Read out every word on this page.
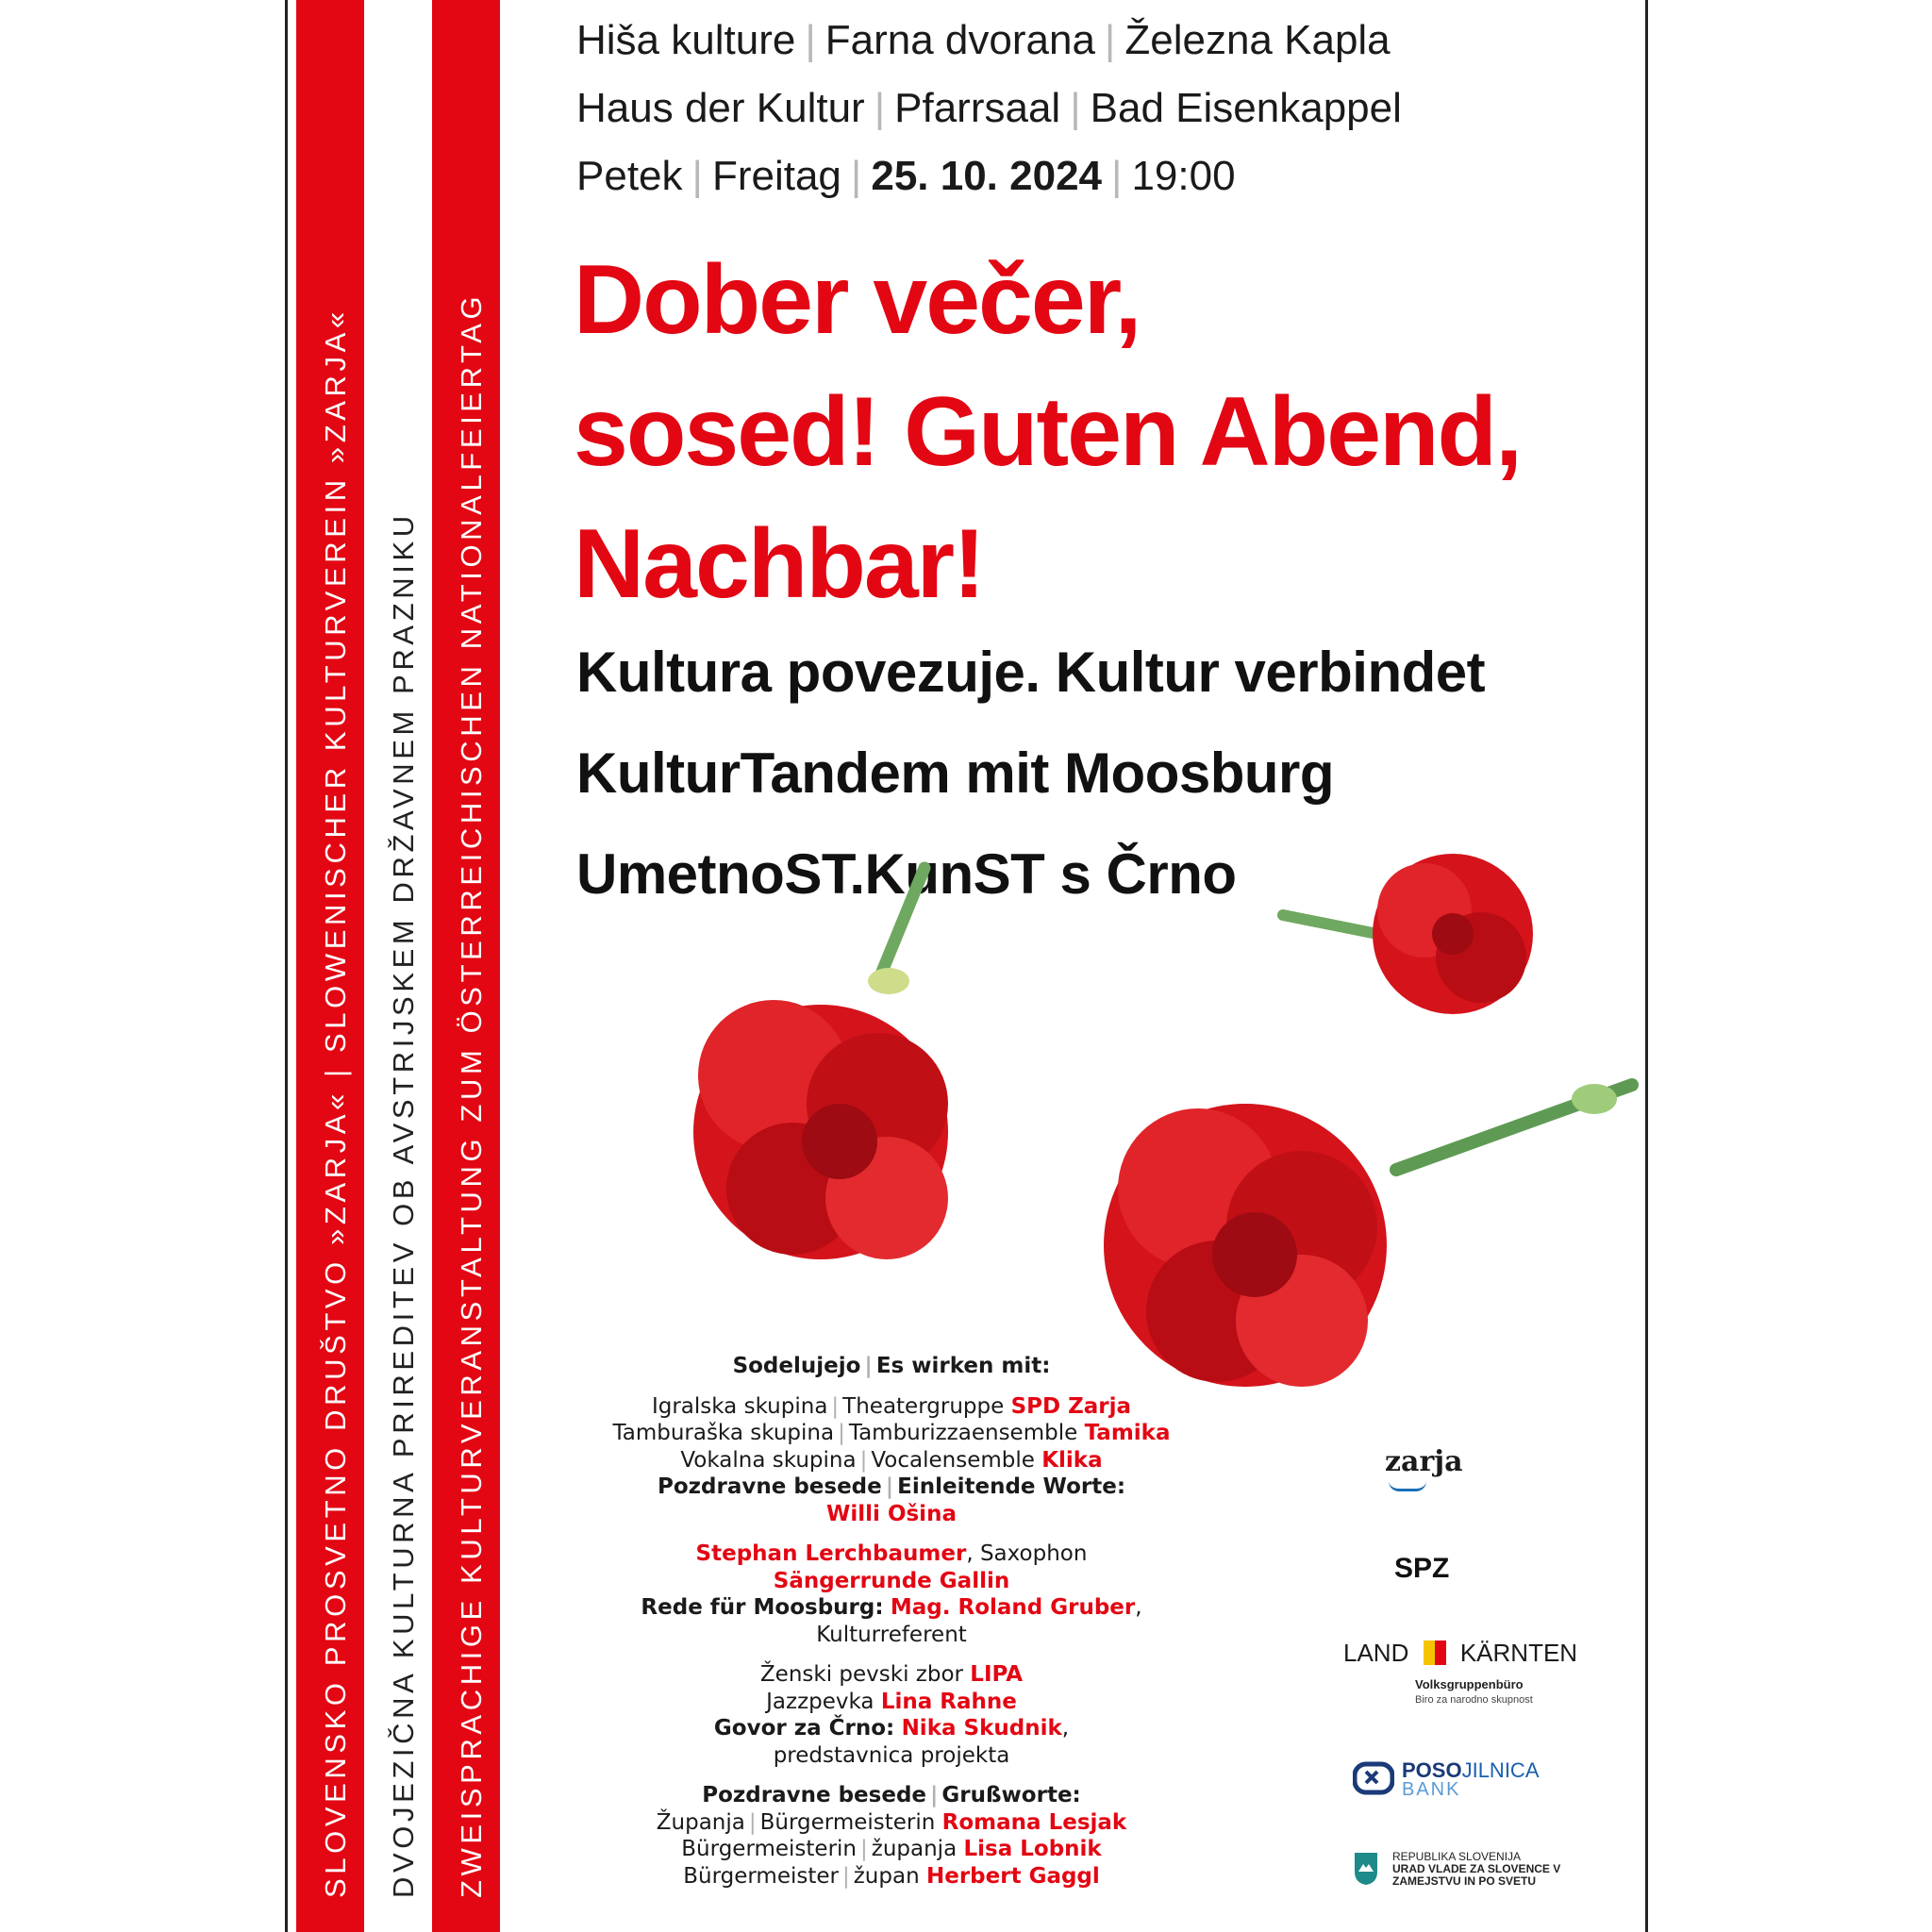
SLOVENSKO PROSVETNO DRUŠTVO »ZARJA« | SLOWENISCHER KULTURVEREIN »ZARJA« DVOJEZIČNA KULTURNA PRIREDITEV OB AVSTRIJSKEM DRŽAVNEM PRAZNIKU ZWEISPRACHIGE KULTURVERANSTALTUNG ZUM ÖSTERREICHISCHEN NATIONALFEIERTAG
Hiša kulture | Farna dvorana | Železna Kapla
Haus der Kultur | Pfarrsaal | Bad Eisenkappel
Petek | Freitag | 25. 10. 2024 | 19:00
Dober večer,
sosed! Guten Abend,
Nachbar!
Kultura povezuje. Kultur verbindet
KulturTandem mit Moosburg
UmetnoST.KunST s Črno
Sodelujejo | Es wirken mit:
Igralska skupina | Theatergruppe SPD Zarja
Tamburaška skupina | Tamburizzaensemble Tamika
Vokalna skupina | Vocalensemble Klika
Pozdravne besede | Einleitende Worte:
Willi Ošina
Stephan Lerchbaumer, Saxophon
Sängerrunde Gallin
Rede für Moosburg: Mag. Roland Gruber,
Kulturreferent
Ženski pevski zbor LIPA
Jazzpevka Lina Rahne
Govor za Črno: Nika Skudnik,
predstavnica projekta
Pozdravne besede | Grußworte:
Županja | Bürgermeisterin Romana Lesjak
Bürgermeisterin | županja Lisa Lobnik
Bürgermeister | župan Herbert Gaggl
zarja
SPZ
LAND KÄRNTEN
Volksgruppenbüro
Biro za narodno skupnost
POSOJILNICA
BANK
REPUBLIKA SLOVENIJA
URAD VLADE ZA SLOVENCE V
ZAMEJSTVU IN PO SVETU
